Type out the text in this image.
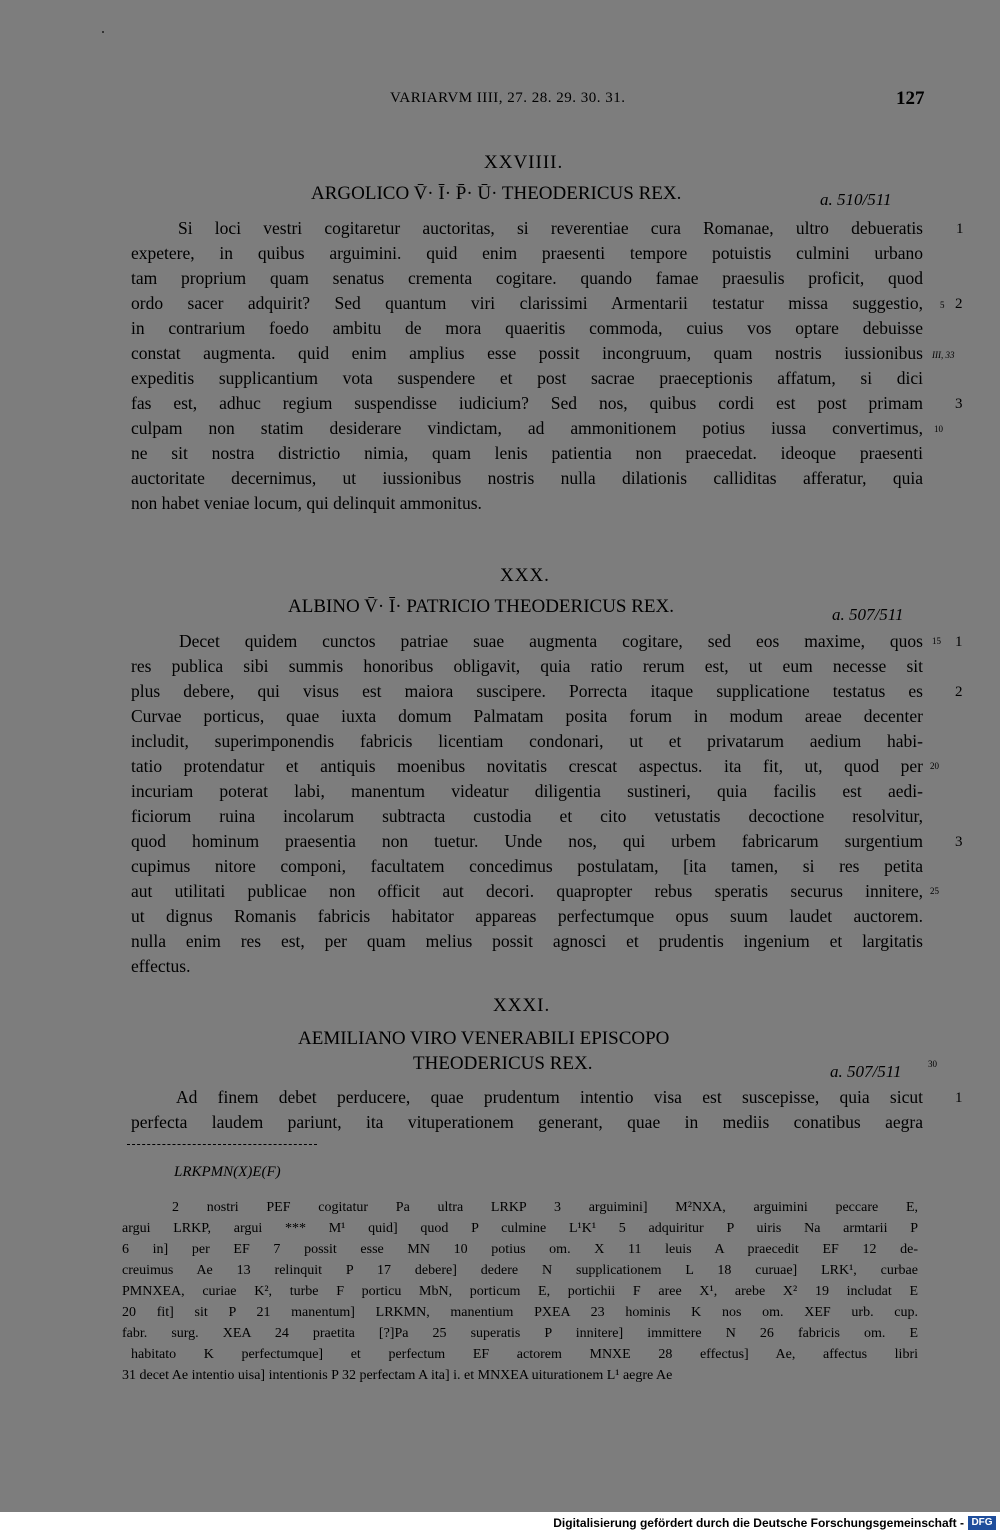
VARIARVM IIII, 27. 28. 29. 30. 31.	127
XXVIIII.
ARGOLICO V̄· Ī· P̄· Ū· THEODERICUS REX.	a. 510/511
Si loci vestri cogitaretur auctoritas, si reverentiae cura Romanae, ultro debueratis
expetere, in quibus arguimini. quid enim praesenti tempore potuistis culmini urbano
tam proprium quam senatus crementa cogitare. quando famae praesulis proficit, quod
ordo sacer adquirit? Sed quantum viri clarissimi Armentarii testatur missa suggestio,
in contrarium foedo ambitu de mora quaeritis commoda, cuius vos optare debuisse
constat augmenta. quid enim amplius esse possit incongruum, quam nostris iussionibus
expeditis supplicantium vota suspendere et post sacrae praeceptionis affatum, si dici
fas est, adhuc regium suspendisse iudicium? Sed nos, quibus cordi est post primam
culpam non statim desiderare vindictam, ad ammonitionem potius iussa convertimus,
ne sit nostra districtio nimia, quam lenis patientia non praecedat. ideoque praesenti
auctoritate decernimus, ut iussionibus nostris nulla dilationis calliditas afferatur, quia
non habet veniae locum, qui delinquit ammonitus.
1
5 2
III, 33
3
10
XXX.
ALBINO V̄· Ī· PATRICIO THEODERICUS REX.	a. 507/511
Decet quidem cunctos patriae suae augmenta cogitare, sed eos maxime, quos
res publica sibi summis honoribus obligavit, quia ratio rerum est, ut eum necesse sit
plus debere, qui visus est maiora suscipere. Porrecta itaque supplicatione testatus es
Curvae porticus, quae iuxta domum Palmatam posita forum in modum areae decenter
includit, superimponendis fabricis licentiam condonari, ut et privatarum aedium habi-
tatio protendatur et antiquis moenibus novitatis crescat aspectus. ita fit, ut, quod per
incuriam poterat labi, manentum videatur diligentia sustineri, quia facilis est aedi-
ficiorum ruina incolarum subtracta custodia et cito vetustatis decoctione resolvitur,
quod hominum praesentia non tuetur. Unde nos, qui urbem fabricarum surgentium
cupimus nitore componi, facultatem concedimus postulatam, [ita tamen, si res petita
aut utilitati publicae non officit aut decori. quapropter rebus speratis securus innitere,
ut dignus Romanis fabricis habitator appareas perfectumque opus suum laudet auctorem.
nulla enim res est, per quam melius possit agnosci et prudentis ingenium et largitatis
effectus.
15 1
2
20
3
25
XXXI.
AEMILIANO VIRO VENERABILI EPISCOPO
THEODERICUS REX.	a. 507/511
Ad finem debet perducere, quae prudentum intentio visa est suscepisse, quia sicut
perfecta laudem pariunt, ita vituperationem generant, quae in mediis conatibus aegra
30
1
LRKPMN(X)E(F)
2 nostri PEF cogitatur Pa ultra LRKP 3 arguimini] M²NXA, arguimini peccare E,
argui LRKP, argui *** M¹ quid] quod P culmine L¹K¹ 5 adquiritur P uiris Na armtarii P
6 in] per EF 7 possit esse MN 10 potius om. X 11 leuis A praecedit EF 12 de-
creuimus Ae 13 relinquit P 17 debere] dedere N supplicationem L 18 curuae] LRK¹, curbae
PMNXEA, curiae K², turbe F porticu MbN, porticum E, portichii F aree X¹, arebe X² 19 includat E
20 fit] sit P 21 manentum] LRKMN, manentium PXEA 23 hominis K nos om. XEF urb. cup.
fabr. surg. XEA 24 praetita [?]Pa 25 superatis P innitere] immittere N 26 fabricis om. E
habitato K perfectumque] et perfectum EF actorem MNXE 28 effectus] Ae, affectus libri
31 decet Ae intentio uisa] intentionis P 32 perfectam A ita] i. et MNXEA uiturationem L¹ aegre Ae
Digitalisierung gefördert durch die Deutsche Forschungsgemeinschaft - DFG
